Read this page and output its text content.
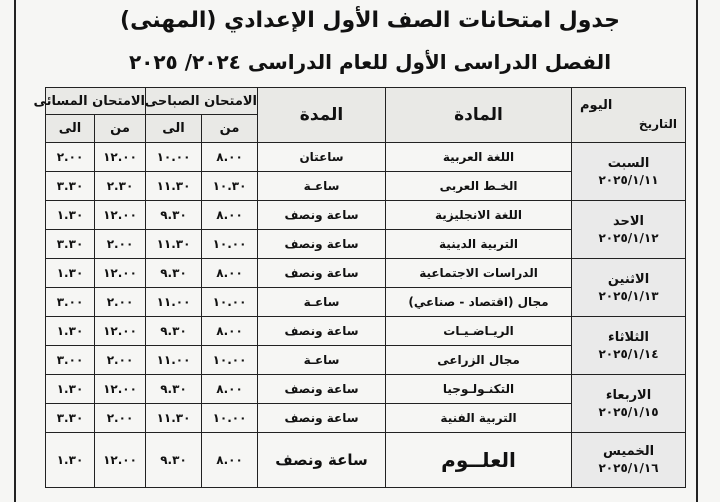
جدول امتحانات الصف الأول الإعدادي (المهنى)
الفصل الدراسى الأول للعام الدراسى ٢٠٢٤/ ٢٠٢٥
التاريخ
اليوم	المادة	المدة	الامتحان الصباحى		الامتحان المسائى	
			من	الى	من	الى

السبت
٢٠٢٥/١/١١	اللغة العربية	ساعتان	٨.٠٠	١٠.٠٠	١٢.٠٠	٢.٠٠
	الخـط العربى	ساعـة	١٠.٣٠	١١.٣٠	٢.٣٠	٣.٣٠

الاحد
٢٠٢٥/١/١٢	اللغة الانجليزية	ساعة ونصف	٨.٠٠	٩.٣٠	١٢.٠٠	١.٣٠
	التربية الدينية	ساعة ونصف	١٠.٠٠	١١.٣٠	٢.٠٠	٣.٣٠

الاثنين
٢٠٢٥/١/١٣	الدراسات الاجتماعية	ساعة ونصف	٨.٠٠	٩.٣٠	١٢.٠٠	١.٣٠
	مجال (اقتصاد - صناعي)	ساعـة	١٠.٠٠	١١.٠٠	٢.٠٠	٣.٠٠

الثلاثاء
٢٠٢٥/١/١٤	الريـاضـيـات	ساعة ونصف	٨.٠٠	٩.٣٠	١٢.٠٠	١.٣٠
	مجال الزراعى	ساعـة	١٠.٠٠	١١.٠٠	٢.٠٠	٣.٠٠

الاربعاء
٢٠٢٥/١/١٥	التكنـولـوجيا	ساعة ونصف	٨.٠٠	٩.٣٠	١٢.٠٠	١.٣٠
	التربية الفنية	ساعة ونصف	١٠.٠٠	١١.٣٠	٢.٠٠	٣.٣٠

الخميس
٢٠٢٥/١/١٦	العلــوم	ساعة ونصف	٨.٠٠	٩.٣٠	١٢.٠٠	١.٣٠
